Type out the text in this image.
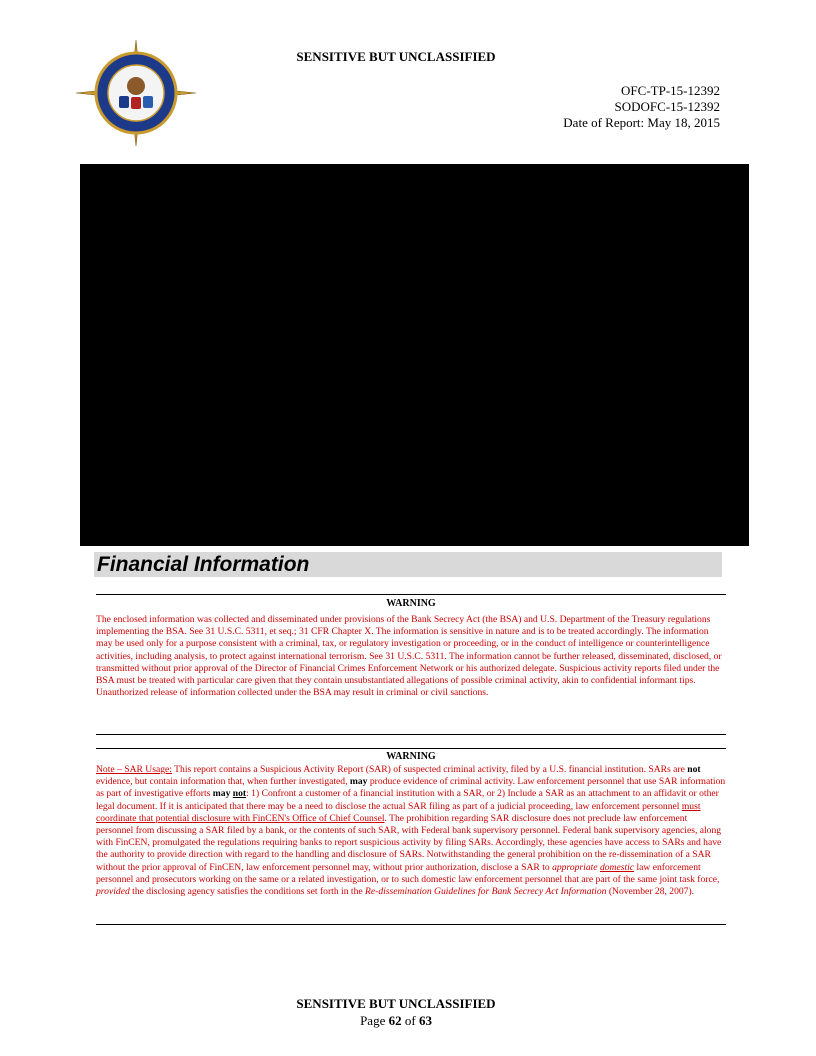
SENSITIVE BUT UNCLASSIFIED
OFC-TP-15-12392
SODOFC-15-12392
Date of Report: May 18, 2015
Financial Information
WARNING

The enclosed information was collected and disseminated under provisions of the Bank Secrecy Act (the BSA) and U.S. Department of the Treasury regulations implementing the BSA. See 31 U.S.C. 5311, et seq.; 31 CFR Chapter X. The information is sensitive in nature and is to be treated accordingly. The information may be used only for a purpose consistent with a criminal, tax, or regulatory investigation or proceeding, or in the conduct of intelligence or counterintelligence activities, including analysis, to protect against international terrorism. See 31 U.S.C. 5311. The information cannot be further released, disseminated, disclosed, or transmitted without prior approval of the Director of Financial Crimes Enforcement Network or his authorized delegate. Suspicious activity reports filed under the BSA must be treated with particular care given that they contain unsubstantiated allegations of possible criminal activity, akin to confidential informant tips. Unauthorized release of information collected under the BSA may result in criminal or civil sanctions.

WARNING

Note – SAR Usage: This report contains a Suspicious Activity Report (SAR) of suspected criminal activity, filed by a U.S. financial institution. SARs are not evidence, but contain information that, when further investigated, may produce evidence of criminal activity. Law enforcement personnel that use SAR information as part of investigative efforts may not: 1) Confront a customer of a financial institution with a SAR, or 2) Include a SAR as an attachment to an affidavit or other legal document. If it is anticipated that there may be a need to disclose the actual SAR filing as part of a judicial proceeding, law enforcement personnel must coordinate that potential disclosure with FinCEN's Office of Chief Counsel. The prohibition regarding SAR disclosure does not preclude law enforcement personnel from discussing a SAR filed by a bank, or the contents of such SAR, with Federal bank supervisory personnel. Federal bank supervisory agencies, along with FinCEN, promulgated the regulations requiring banks to report suspicious activity by filing SARs. Accordingly, these agencies have access to SARs and have the authority to provide direction with regard to the handling and disclosure of SARs. Notwithstanding the general prohibition on the re-dissemination of a SAR without the prior approval of FinCEN, law enforcement personnel may, without prior authorization, disclose a SAR to appropriate domestic law enforcement personnel and prosecutors working on the same or a related investigation, or to such domestic law enforcement personnel that are part of the same joint task force, provided the disclosing agency satisfies the conditions set forth in the Re-dissemination Guidelines for Bank Secrecy Act Information (November 28, 2007).

SENSITIVE BUT UNCLASSIFIED
Page 62 of 63
